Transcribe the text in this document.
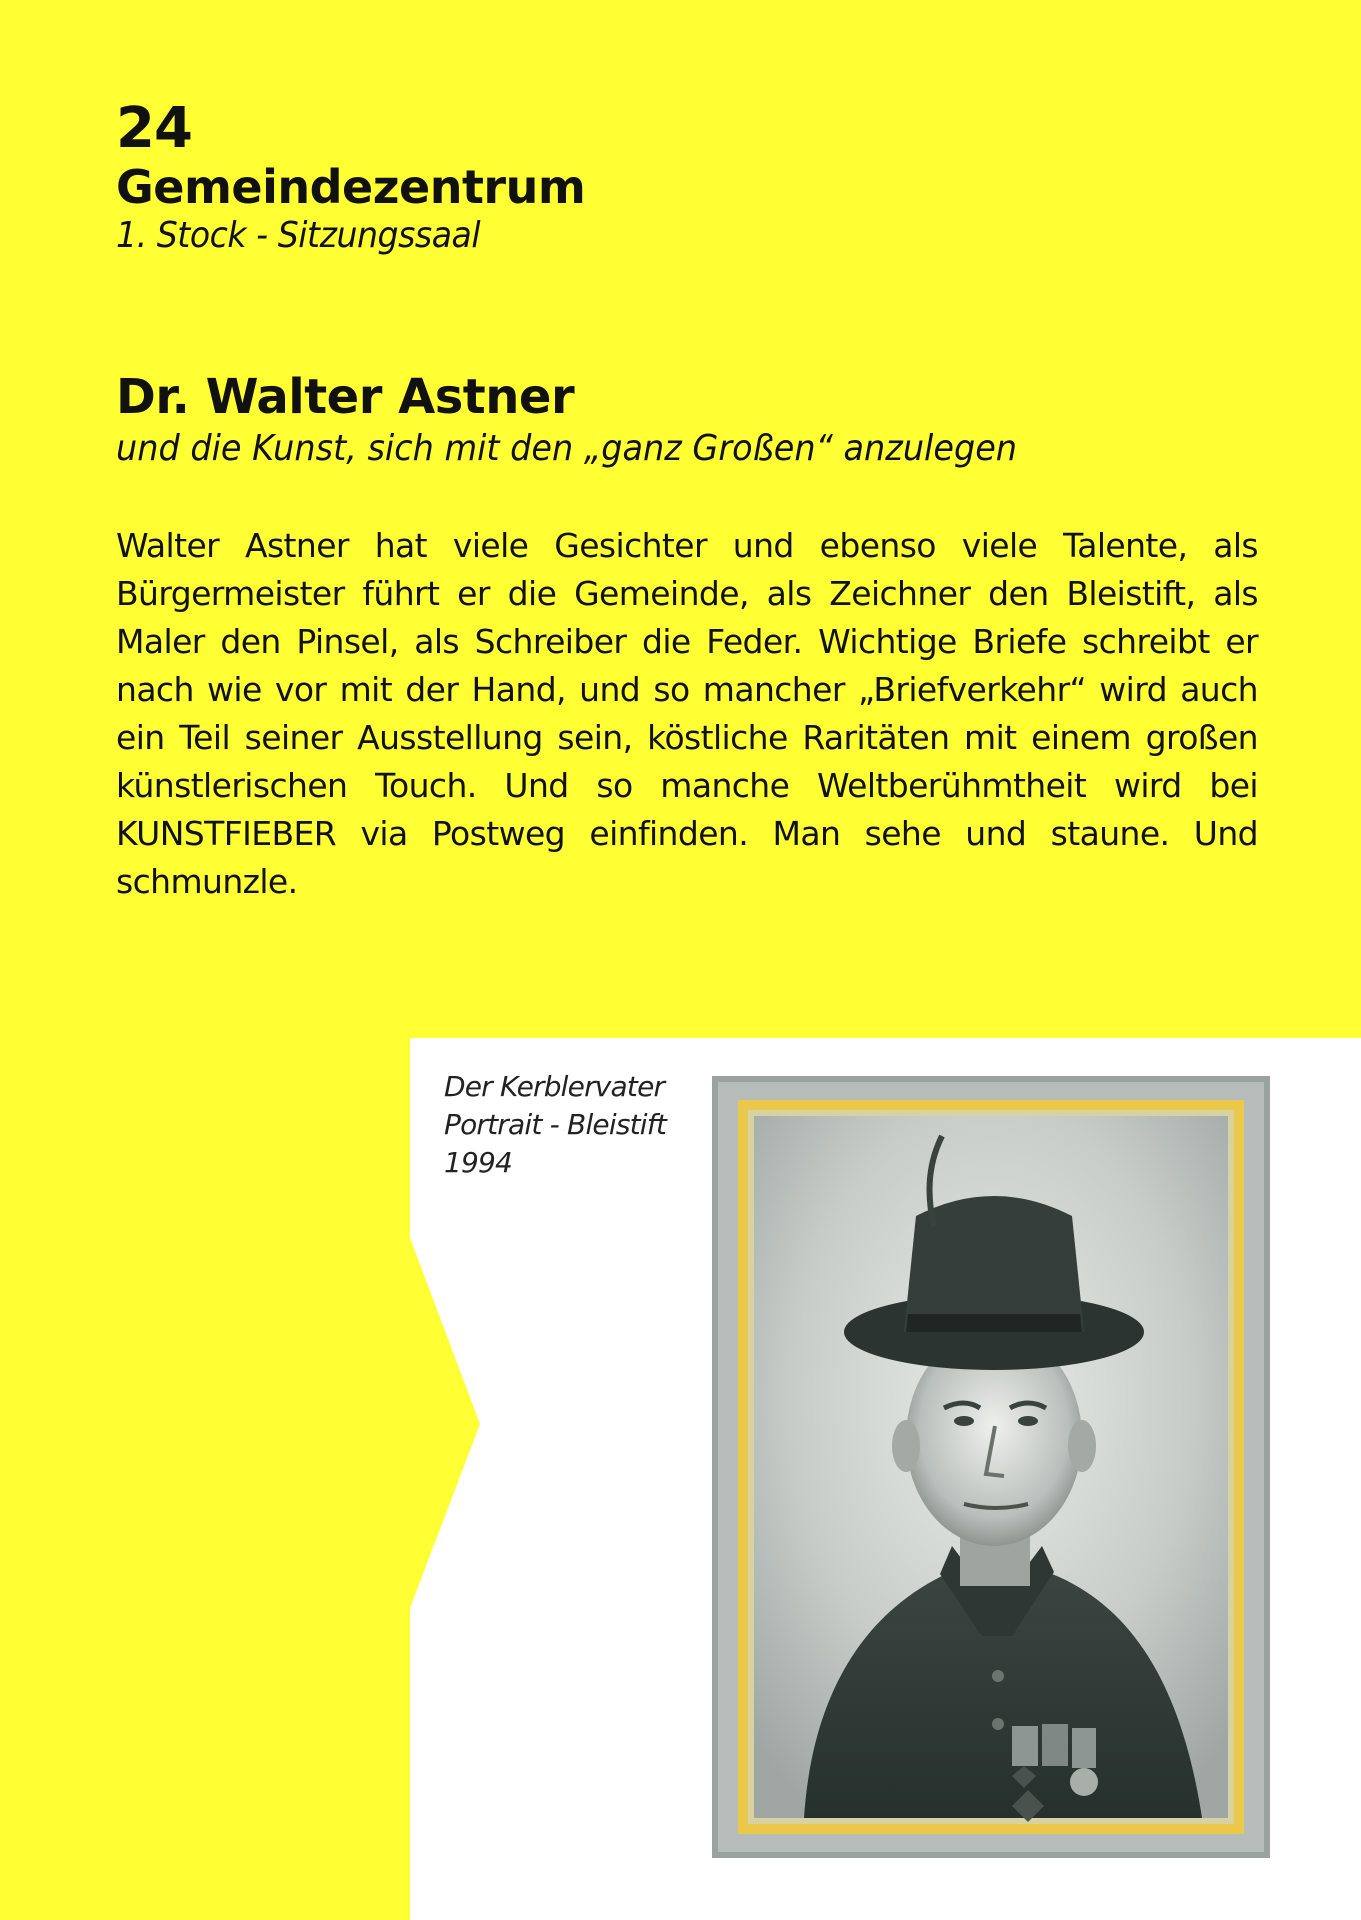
24
Gemeindezentrum
1. Stock - Sitzungssaal
Dr. Walter Astner
und die Kunst, sich mit den „ganz Großen“ anzulegen
Walter Astner hat viele Gesichter und ebenso viele Talente, als Bürgermeister führt er die Gemeinde, als Zeichner den Bleistift, als Maler den Pinsel, als Schreiber die Feder. Wichtige Briefe schreibt er nach wie vor mit der Hand, und so mancher „Briefverkehr“ wird auch ein Teil seiner Ausstellung sein, köstliche Raritäten mit einem großen künstlerischen Touch. Und so manche Weltberühmtheit wird bei KUNSTFIEBER via Postweg einfinden. Man sehe und staune. Und schmunzle.
Der Kerblervater
Portrait - Bleistift
1994
